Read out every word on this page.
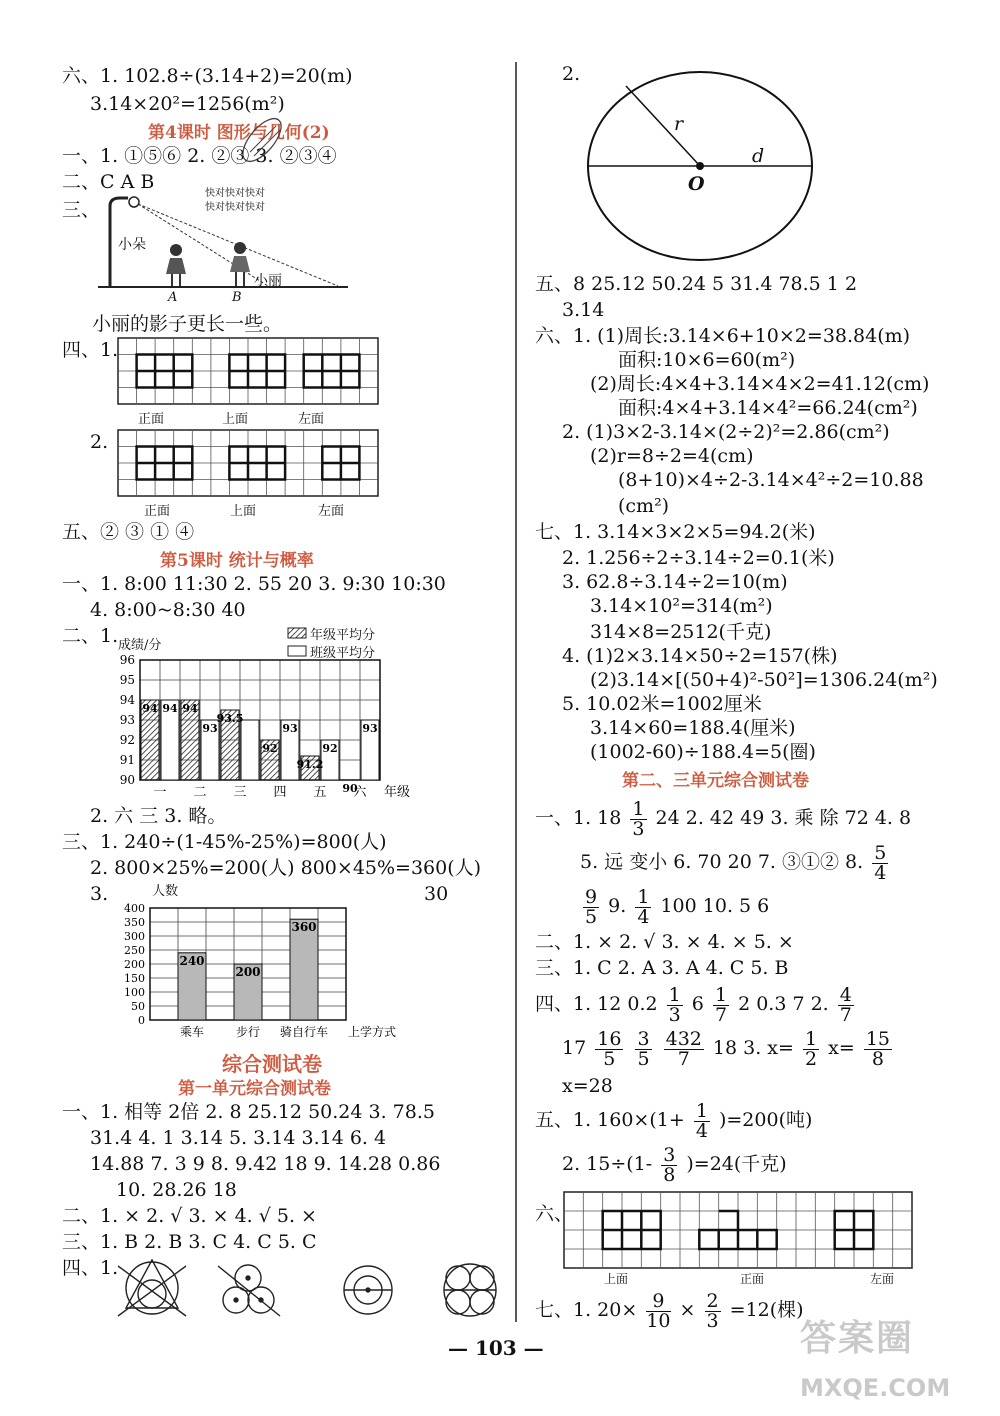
六、1. 102.8÷(3.14+2)=20(m)
3.14×20²=1256(m²)
第4课时 图形与几何(2)
一、1. ①⑤⑥ 2. ②③ 3. ②③④
二、C A B
快对快对快对
快对快对快对
三、
小朵
小丽
A	B
小丽的影子更长一些。
四、1.
正面	上面	左面
2.
正面	上面	左面
五、② ③ ① ④
第5课时 统计与概率
一、1. 8:00 11:30 2. 55 20 3. 9:30 10:30
4. 8:00~8:30 40
二、1. 成绩/分
90
91
92
93
94
95
96
94 94
一
94
93
二
93.5
三
92
93
四
91.2
92
五 90
93
六 年级
年级平均分
班级平均分
2. 六 三 3. 略。
三、1. 240÷(1-45%-25%)=800(人)
2. 800×25%=200(人) 800×45%=360(人)
3.	30
人数
0
50
100
150
200
250
300
350
400
240
乘车
200
步行
360
骑自行车 上学方式
综合测试卷
第一单元综合测试卷
一、1. 相等 2倍 2. 8 25.12 50.24 3. 78.5
31.4 4. 1 3.14 5. 3.14 3.14 6. 4
14.88 7. 3 9 8. 9.42 18 9. 14.28 0.86
10. 28.26 18
二、1. × 2. √ 3. × 4. √ 5. ×
三、1. B 2. B 3. C 4. C 5. C
四、1.
2.
r
d
O
五、8 25.12 50.24 5 31.4 78.5 1 2
3.14
六、1. (1)周长:3.14×6+10×2=38.84(m)
面积:10×6=60(m²)
(2)周长:4×4+3.14×4×2=41.12(cm)
面积:4×4+3.14×4²=66.24(cm²)
2. (1)3×2-3.14×(2÷2)²=2.86(cm²)
(2)r=8÷2=4(cm)
(8+10)×4÷2-3.14×4²÷2=10.88
(cm²)
七、1. 3.14×3×2×5=94.2(米)
2. 1.256÷2÷3.14÷2=0.1(米)
3. 62.8÷3.14÷2=10(m)
3.14×10²=314(m²)
314×8=2512(千克)
4. (1)2×3.14×50÷2=157(株)
(2)3.14×[(50+4)²-50²]=1306.24(m²)
5. 10.02米=1002厘米
3.14×60=188.4(厘米)
(1002-60)÷188.4=5(圈)
第二、三单元综合测试卷
一、1. $18 \frac{1}{3} 24$ 2. 42 49 3. 乘 除 72 4. 8
5. 远 变小 6. 70 20 7. ③①② 8. $\frac{5}{4}$
$\frac{9}{5} 9$. $\frac{1}{4} 100$ 10. 5 6
二、1. × 2. √ 3. × 4. × 5. ×
三、1. C 2. A 3. A 4. C 5. B
四、1. 12 $0.2 \frac{1}{3} 6 \frac{1}{7} 2$ 0.3 7 2. $\frac{4}{7}$
$17 \frac{16}{5}$
$\frac{3}{5}$
$\frac{432}{7} 18$ 3. $x= \frac{1}{2} x= \frac{15}{8}$
x=28
五、1. $160\times(1+ \frac{1}{4} )=200$(吨)
2. $15\div(1- \frac{3}{8} )=24$(千克)
六、
上面	正面	左面
七、1. $20\times \frac{9}{10} \times \frac{2}{3} =12$(棵)
— 103 —	答案圈
MXQE.COM
